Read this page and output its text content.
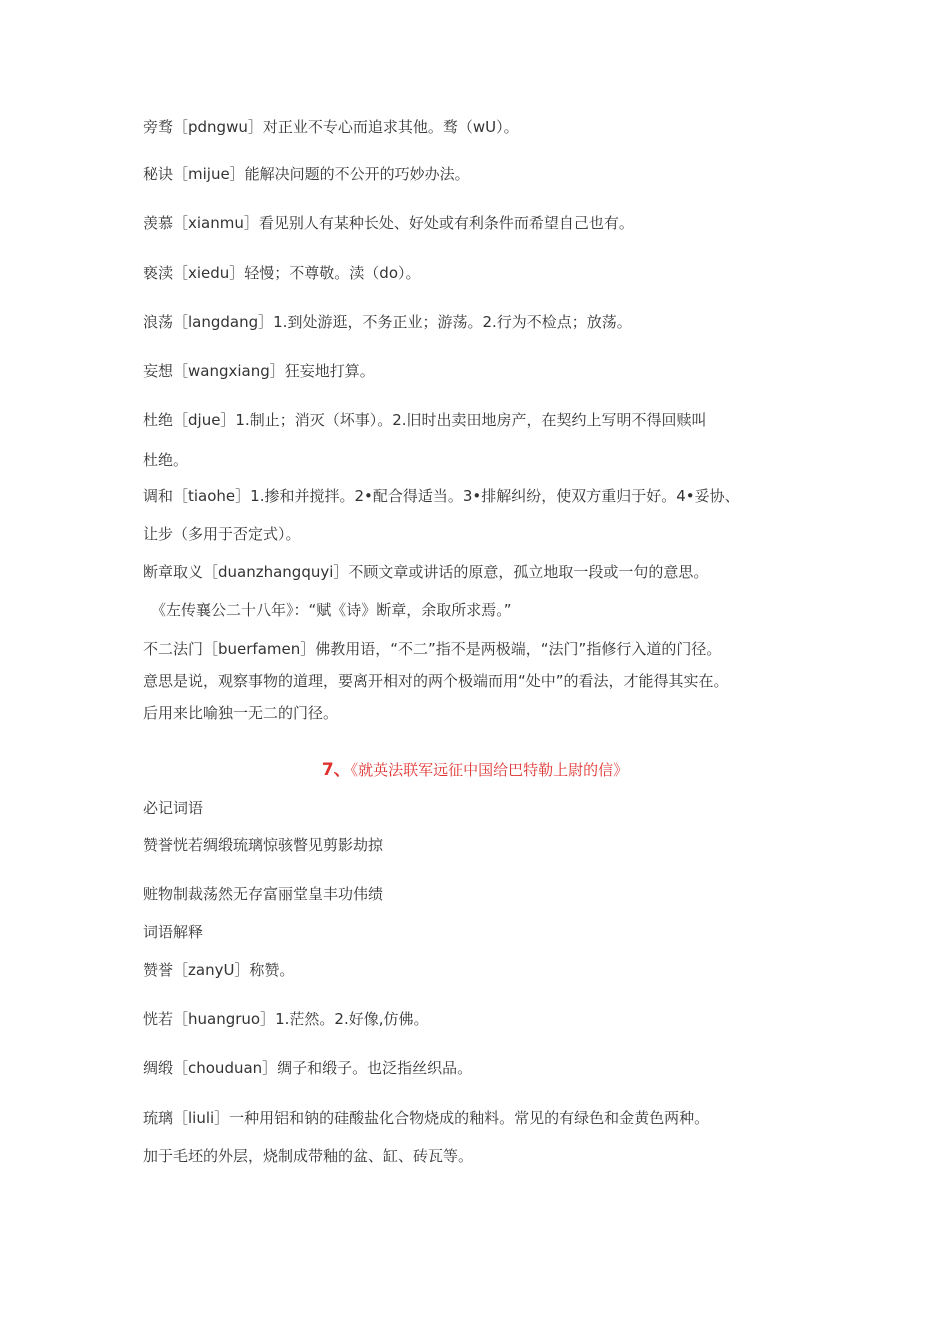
旁骛［pdngwu］对正业不专心而追求其他。骛（wU）。
秘诀［mijue］能解决问题的不公开的巧妙办法。
羡慕［xianmu］看见别人有某种长处、好处或有利条件而希望自己也有。
亵渎［xiedu］轻慢；不尊敬。渎（do）。
浪荡［langdang］1.到处游逛，不务正业；游荡。2.行为不检点；放荡。
妄想［wangxiang］狂妄地打算。
杜绝［djue］1.制止；消灭（坏事）。2.旧时出卖田地房产，在契约上写明不得回赎叫
杜绝。
调和［tiaohe］1.掺和并搅拌。2•配合得适当。3•排解纠纷，使双方重归于好。4•妥协、
让步（多用于否定式）。
断章取义［duanzhangquyi］不顾文章或讲话的原意，孤立地取一段或一句的意思。
《左传襄公二十八年》：“赋《诗》断章，余取所求焉。”
不二法门［buerfamen］佛教用语，“不二”指不是两极端，“法门”指修行入道的门径。
意思是说，观察事物的道理，要离开相对的两个极端而用“处中”的看法，才能得其实在。
后用来比喻独一无二的门径。
7、《就英法联军远征中国给巴特勒上尉的信》
必记词语
赞誉恍若绸缎琉璃惊骇瞥见剪影劫掠
赃物制裁荡然无存富丽堂皇丰功伟绩
词语解释
赞誉［zanyU］称赞。
恍若［huangruo］1.茫然。2.好像,仿佛。
绸缎［chouduan］绸子和缎子。也泛指丝织品。
琉璃［liuli］一种用铝和钠的硅酸盐化合物烧成的釉料。常见的有绿色和金黄色两种。
加于毛坯的外层，烧制成带釉的盆、缸、砖瓦等。
